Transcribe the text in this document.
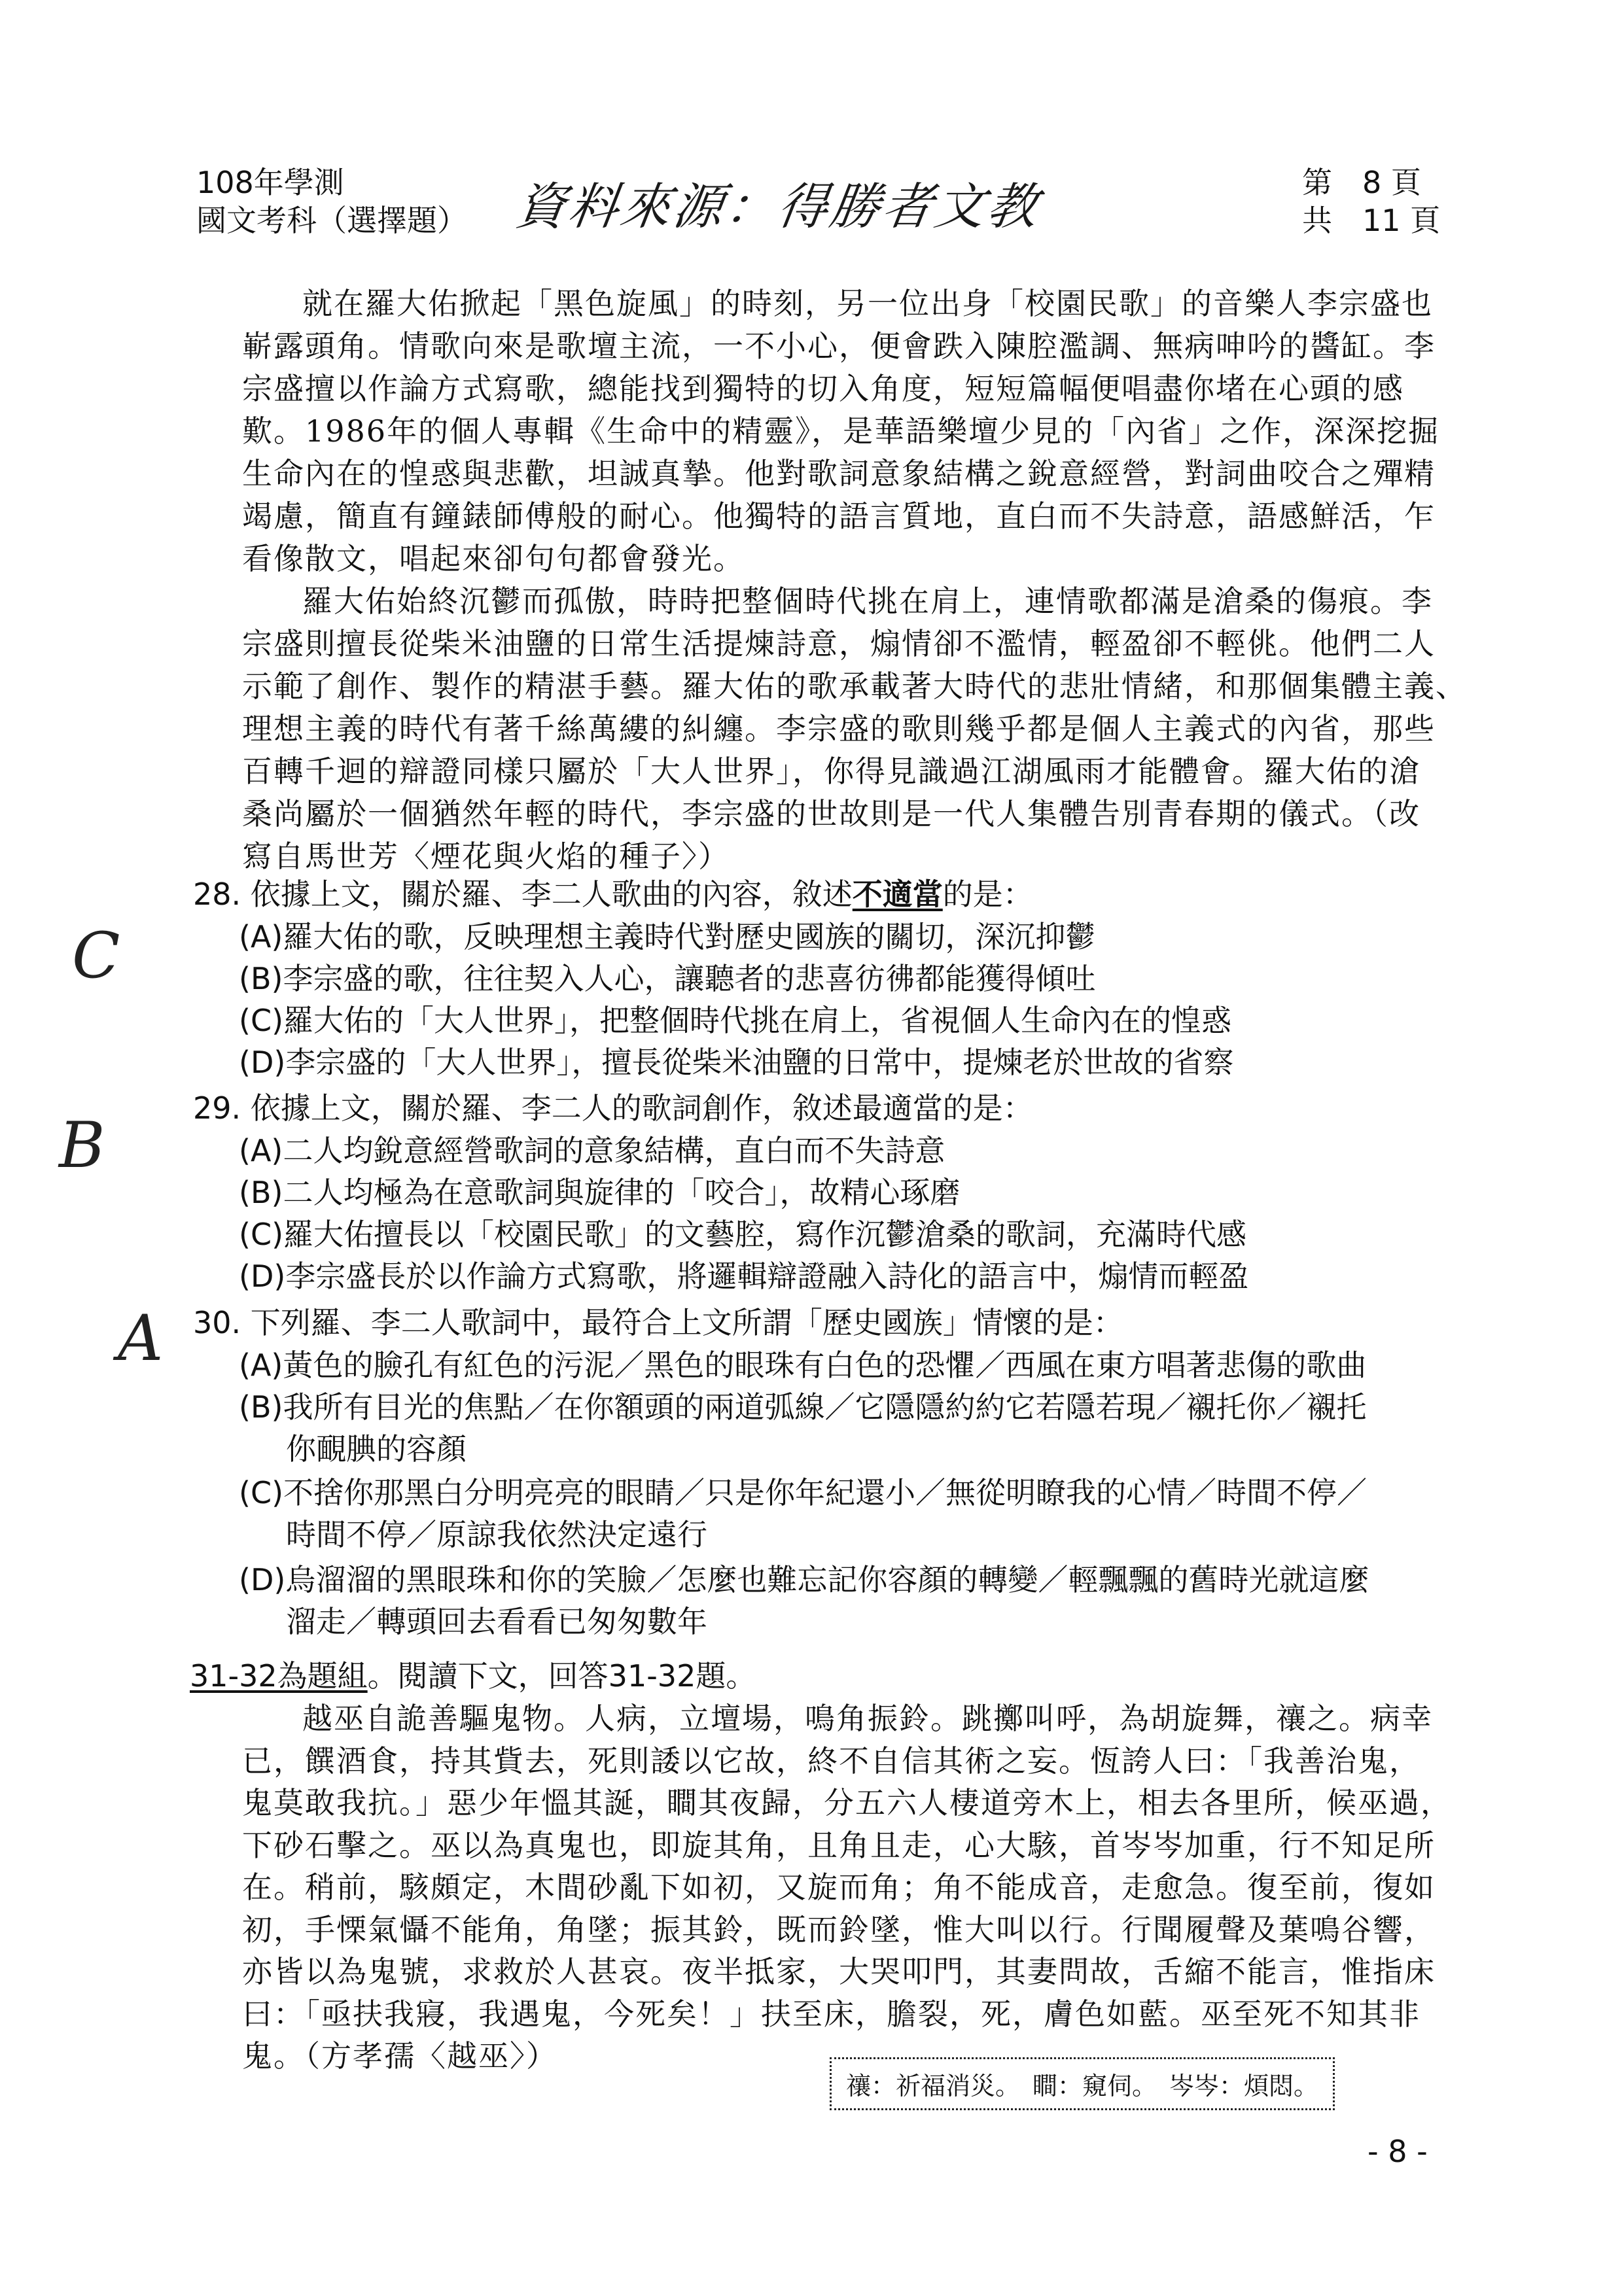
108年學測
國文考科（選擇題） 資料來源：得勝者文教	第　8 頁
共　11 頁
就在羅大佑掀起「黑色旋風」的時刻，另一位出身「校園民歌」的音樂人李宗盛也
嶄露頭角。情歌向來是歌壇主流，一不小心，便會跌入陳腔濫調、無病呻吟的醬缸。李
宗盛擅以作論方式寫歌，總能找到獨特的切入角度，短短篇幅便唱盡你堵在心頭的感
歎。1986年的個人專輯《生命中的精靈》，是華語樂壇少見的「內省」之作，深深挖掘
生命內在的惶惑與悲歡，坦誠真摯。他對歌詞意象結構之銳意經營，對詞曲咬合之殫精
竭慮，簡直有鐘錶師傅般的耐心。他獨特的語言質地，直白而不失詩意，語感鮮活，乍
看像散文，唱起來卻句句都會發光。
羅大佑始終沉鬱而孤傲，時時把整個時代挑在肩上，連情歌都滿是滄桑的傷痕。李
宗盛則擅長從柴米油鹽的日常生活提煉詩意，煽情卻不濫情，輕盈卻不輕佻。他們二人
示範了創作、製作的精湛手藝。羅大佑的歌承載著大時代的悲壯情緒，和那個集體主義、
理想主義的時代有著千絲萬縷的糾纏。李宗盛的歌則幾乎都是個人主義式的內省，那些
百轉千迴的辯證同樣只屬於「大人世界」，你得見識過江湖風雨才能體會。羅大佑的滄
桑尚屬於一個猶然年輕的時代，李宗盛的世故則是一代人集體告別青春期的儀式。（改
寫自馬世芳〈煙花與火焰的種子〉）
C
28. 依據上文，關於羅、李二人歌曲的內容，敘述不適當的是：
(A)羅大佑的歌，反映理想主義時代對歷史國族的關切，深沉抑鬱
(B)李宗盛的歌，往往契入人心，讓聽者的悲喜彷彿都能獲得傾吐
(C)羅大佑的「大人世界」，把整個時代挑在肩上，省視個人生命內在的惶惑
(D)李宗盛的「大人世界」，擅長從柴米油鹽的日常中，提煉老於世故的省察
B
29. 依據上文，關於羅、李二人的歌詞創作，敘述最適當的是：
(A)二人均銳意經營歌詞的意象結構，直白而不失詩意
(B)二人均極為在意歌詞與旋律的「咬合」，故精心琢磨
(C)羅大佑擅長以「校園民歌」的文藝腔，寫作沉鬱滄桑的歌詞，充滿時代感
(D)李宗盛長於以作論方式寫歌，將邏輯辯證融入詩化的語言中，煽情而輕盈
A 30. 下列羅、李二人歌詞中，最符合上文所謂「歷史國族」情懷的是：
(A)黃色的臉孔有紅色的污泥／黑色的眼珠有白色的恐懼／西風在東方唱著悲傷的歌曲
(B)我所有目光的焦點／在你額頭的兩道弧線／它隱隱約約它若隱若現／襯托你／襯托
你靦腆的容顏
(C)不捨你那黑白分明亮亮的眼睛／只是你年紀還小／無從明瞭我的心情／時間不停／
時間不停／原諒我依然決定遠行
(D)烏溜溜的黑眼珠和你的笑臉／怎麼也難忘記你容顏的轉變／輕飄飄的舊時光就這麼
溜走／轉頭回去看看已匆匆數年
31-32為題組。閱讀下文，回答31-32題。
越巫自詭善驅鬼物。人病，立壇場，鳴角振鈴。跳擲叫呼，為胡旋舞，禳之。病幸
已，饌酒食，持其貲去，死則諉以它故，終不自信其術之妄。恆誇人曰：「我善治鬼，
鬼莫敢我抗。」惡少年慍其誕，瞷其夜歸，分五六人棲道旁木上，相去各里所，候巫過，
下砂石擊之。巫以為真鬼也，即旋其角，且角且走，心大駭，首岑岑加重，行不知足所
在。稍前，駭頗定，木間砂亂下如初，又旋而角；角不能成音，走愈急。復至前，復如
初，手慄氣懾不能角，角墜；振其鈴，既而鈴墜，惟大叫以行。行聞履聲及葉鳴谷響，
亦皆以為鬼號，求救於人甚哀。夜半抵家，大哭叩門，其妻問故，舌縮不能言，惟指床
曰：「亟扶我寢，我遇鬼，今死矣！」扶至床，膽裂，死，膚色如藍。巫至死不知其非
鬼。（方孝孺〈越巫〉）
禳：祈福消災。　瞷：窺伺。　岑岑：煩悶。
- 8 -
